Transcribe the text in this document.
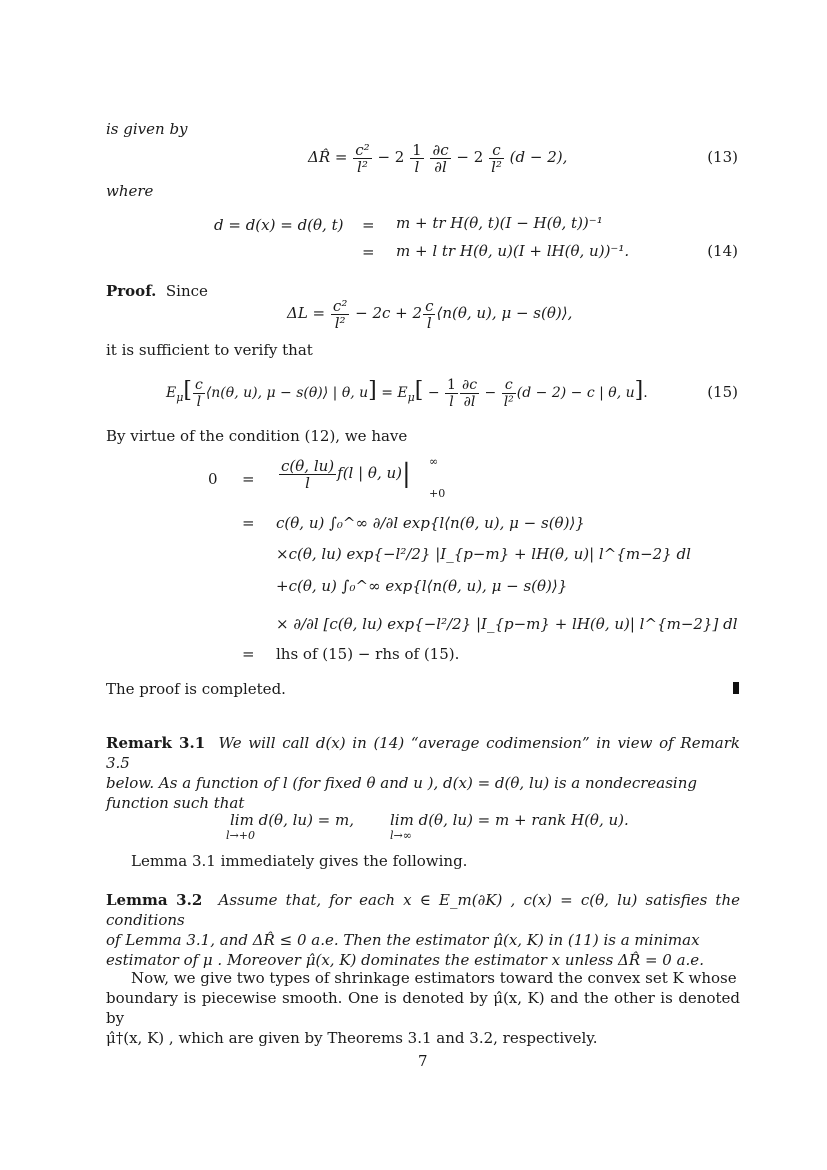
is given by
ΔR̂ = $\frac{\text{c²}}{\text{l²}} - 2 \frac{1}{l}$
$\frac{\partial c}{\partial l} - 2 \frac{c}{\text{l²}} (d - 2)$,	(13)
where
d = d(x) = d(θ, t) = m + tr H(θ, t)(I − H(θ, t))⁻¹
= m + l tr H(θ, u)(I + lH(θ, u))⁻¹.	(14)
Proof. Since
$\Delta L = \frac{\text{c²}}{\text{l²}} - 2c + 2 \frac{c}{l}$ ⟨n(θ, u), μ − s(θ)⟩,
it is sufficient to verify that
$E_\mu[ \frac{c}{l}$ ⟨n(θ, u), μ − s(θ)⟩ | θ, $u] = E_\mu[ - \frac{1}{l} \frac{\partial c}{\partial l} - \frac{c}{\text{l²}} (d - 2) - c$ | θ, u].	(15)
By virtue of the condition (12), we have
$0 = \frac{c(\theta, lu)}{l} f(l$ | θ, u)| ∞
+0
= c(θ, u) ∫₀^∞ ∂/∂l exp{l⟨n(θ, u), μ − s(θ)⟩}
×c(θ, lu) exp{−l²/2} |I_{p−m} + lH(θ, u)| l^{m−2} dl
+c(θ, u) ∫₀^∞ exp{l⟨n(θ, u), μ − s(θ)⟩}
× ∂/∂l [c(θ, lu) exp{−l²/2} |I_{p−m} + lH(θ, u)| l^{m−2}] dl
= lhs of (15) − rhs of (15).
The proof is completed.
Remark 3.1 We will call d(x) in (14) “average codimension” in view of Remark 3.5
below. As a function of l (for fixed θ and u ), d(x) = d(θ, lu) is a nondecreasing
function such that
lim d(θ, lu) = m,
l→+0
lim d(θ, lu) = m + rank H(θ, u).
l→∞
Lemma 3.1 immediately gives the following.
Lemma 3.2 Assume that, for each x ∈ E_m(∂K) , c(x) = c(θ, lu) satisfies the conditions
of Lemma 3.1, and ΔR̂ ≤ 0 a.e. Then the estimator μ̂(x, K) in (11) is a minimax
estimator of μ . Moreover μ̂(x, K) dominates the estimator x unless ΔR̂ = 0 a.e.
Now, we give two types of shrinkage estimators toward the convex set K whose
boundary is piecewise smooth. One is denoted by μ̂(x, K) and the other is denoted by
μ̂†(x, K) , which are given by Theorems 3.1 and 3.2, respectively.
7
